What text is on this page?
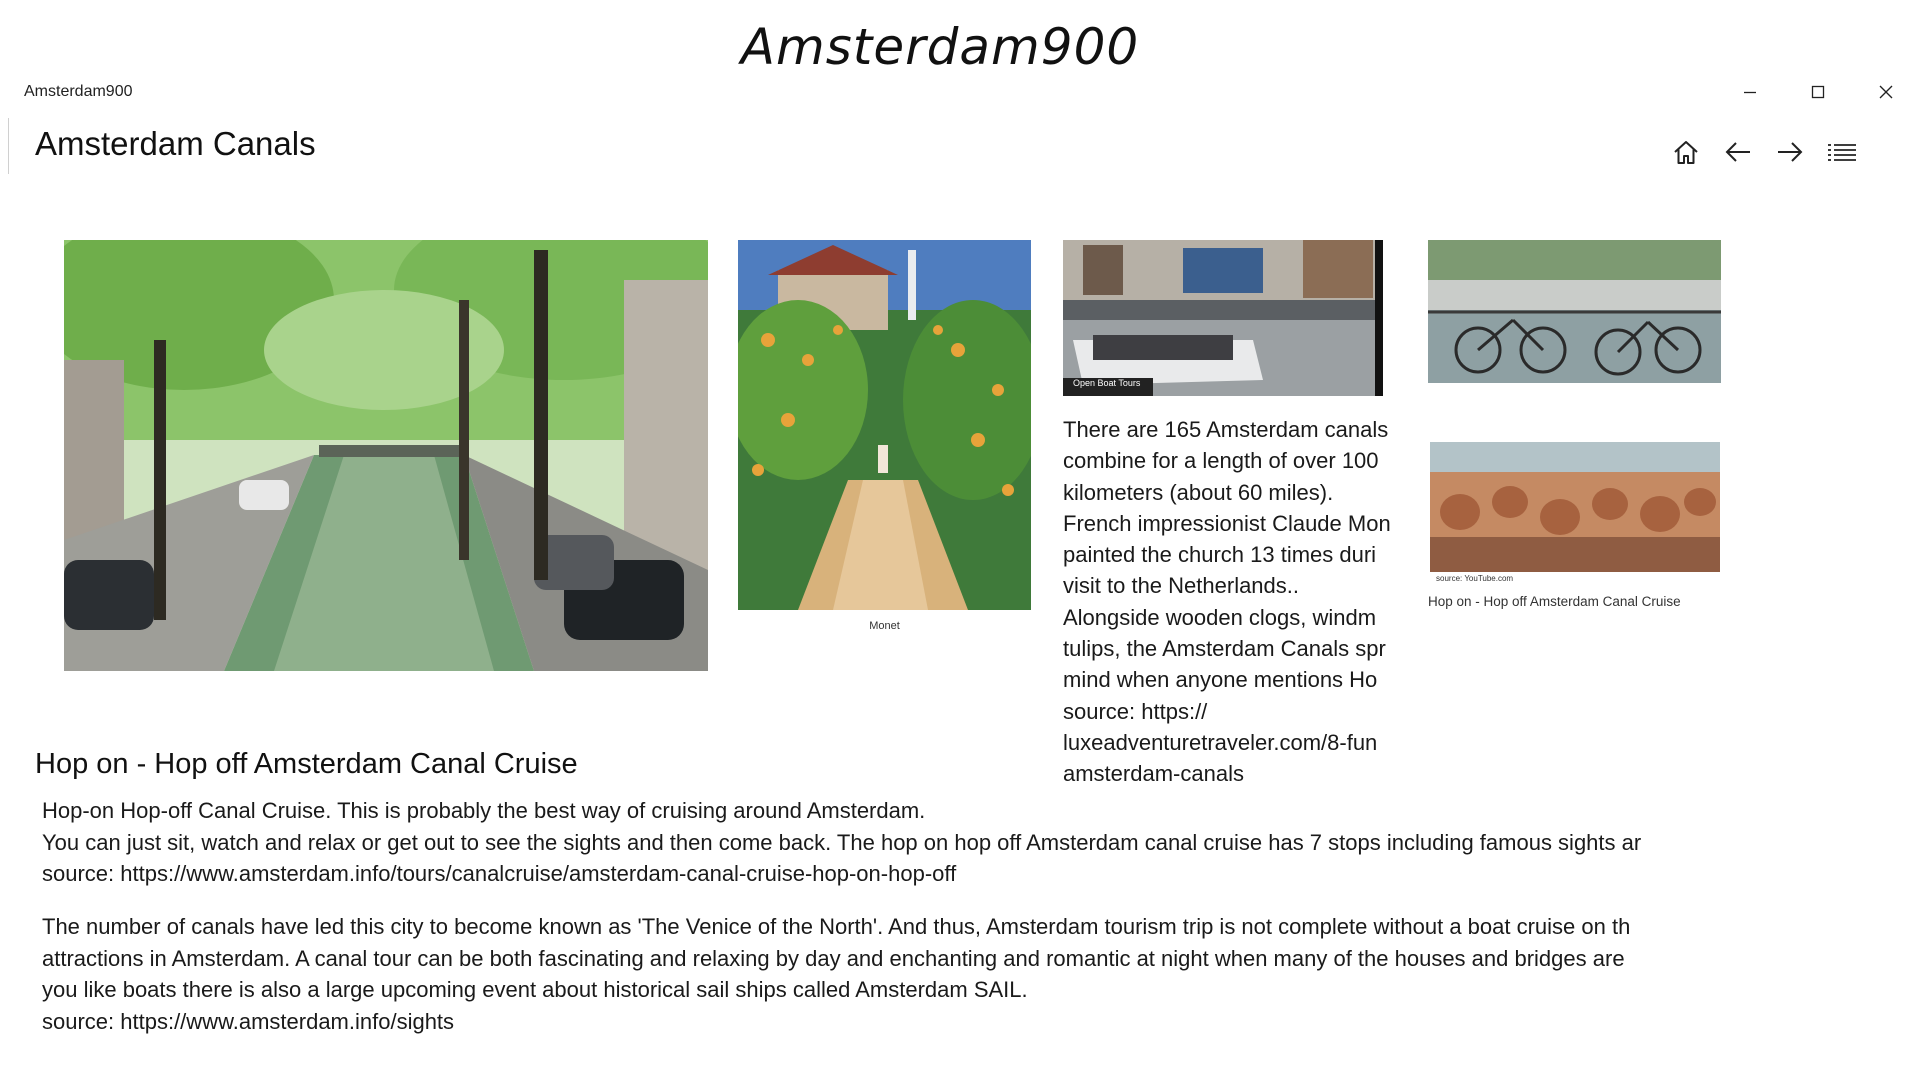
Amsterdam900
Amsterdam900
Amsterdam Canals
Monet
Open Boat Tours
source: YouTube.com
Hop on - Hop off Amsterdam Canal Cruise
There are 165 Amsterdam canals
combine for a length of over 100
kilometers (about 60 miles).
French impressionist Claude Mon
painted the church 13 times duri
visit to the Netherlands..
Alongside wooden clogs, windm
tulips, the Amsterdam Canals spr
mind when anyone mentions Ho
source: https://
luxeadventuretraveler.com/8-fun
amsterdam-canals
Hop on - Hop off Amsterdam Canal Cruise
Hop-on Hop-off Canal Cruise. This is probably the best way of cruising around Amsterdam.
You can just sit, watch and relax or get out to see the sights and then come back. The hop on hop off Amsterdam canal cruise has 7 stops including famous sights ar
source: https://www.amsterdam.info/tours/canalcruise/amsterdam-canal-cruise-hop-on-hop-off
The number of canals have led this city to become known as 'The Venice of the North'. And thus, Amsterdam tourism trip is not complete without a boat cruise on th
attractions in Amsterdam. A canal tour can be both fascinating and relaxing by day and enchanting and romantic at night when many of the houses and bridges are
you like boats there is also a large upcoming event about historical sail ships called Amsterdam SAIL.
source: https://www.amsterdam.info/sights
